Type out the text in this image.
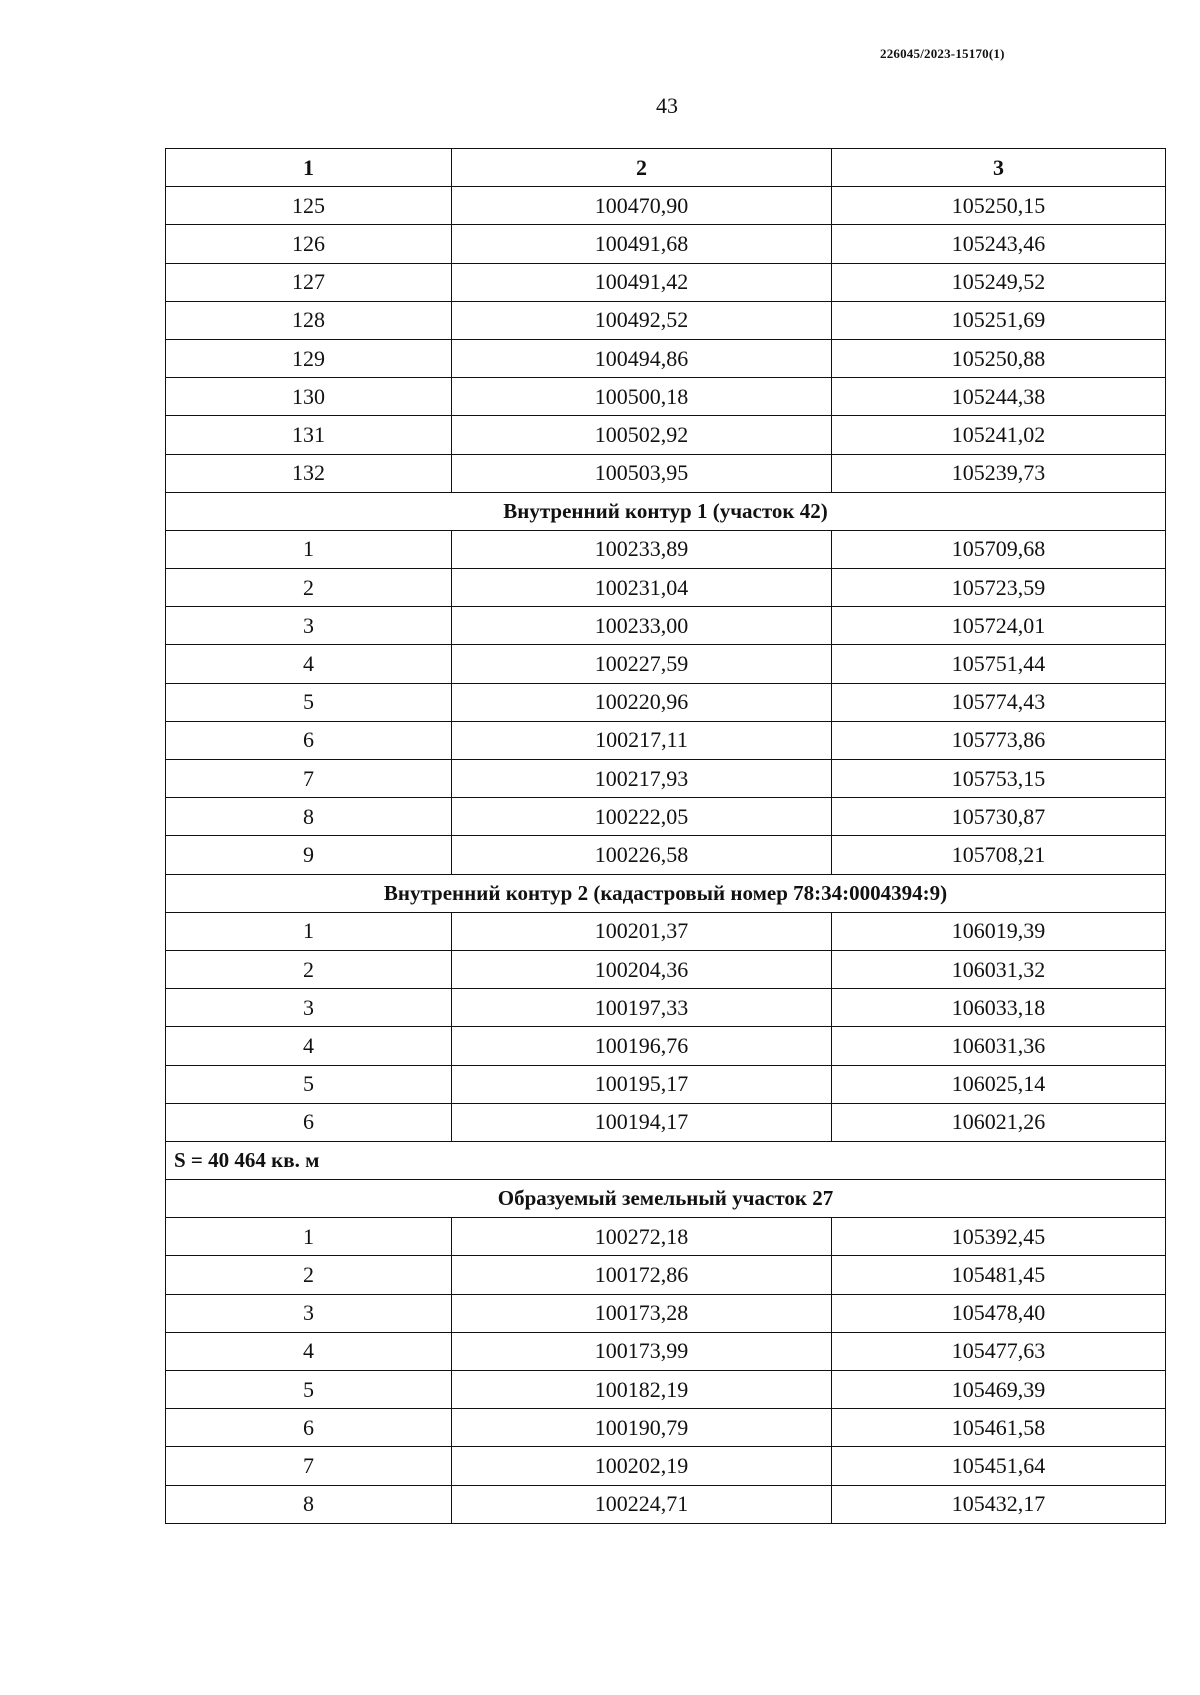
226045/2023-15170(1)
43
1	2	3
125	100470,90	105250,15
126	100491,68	105243,46
127	100491,42	105249,52
128	100492,52	105251,69
129	100494,86	105250,88
130	100500,18	105244,38
131	100502,92	105241,02
132	100503,95	105239,73
Внутренний контур 1 (участок 42)		
1	100233,89	105709,68
2	100231,04	105723,59
3	100233,00	105724,01
4	100227,59	105751,44
5	100220,96	105774,43
6	100217,11	105773,86
7	100217,93	105753,15
8	100222,05	105730,87
9	100226,58	105708,21
Внутренний контур 2 (кадастровый номер 78:34:0004394:9)		
1	100201,37	106019,39
2	100204,36	106031,32
3	100197,33	106033,18
4	100196,76	106031,36
5	100195,17	106025,14
6	100194,17	106021,26
S = 40 464 кв. м		
Образуемый земельный участок 27		
1	100272,18	105392,45
2	100172,86	105481,45
3	100173,28	105478,40
4	100173,99	105477,63
5	100182,19	105469,39
6	100190,79	105461,58
7	100202,19	105451,64
8	100224,71	105432,17
